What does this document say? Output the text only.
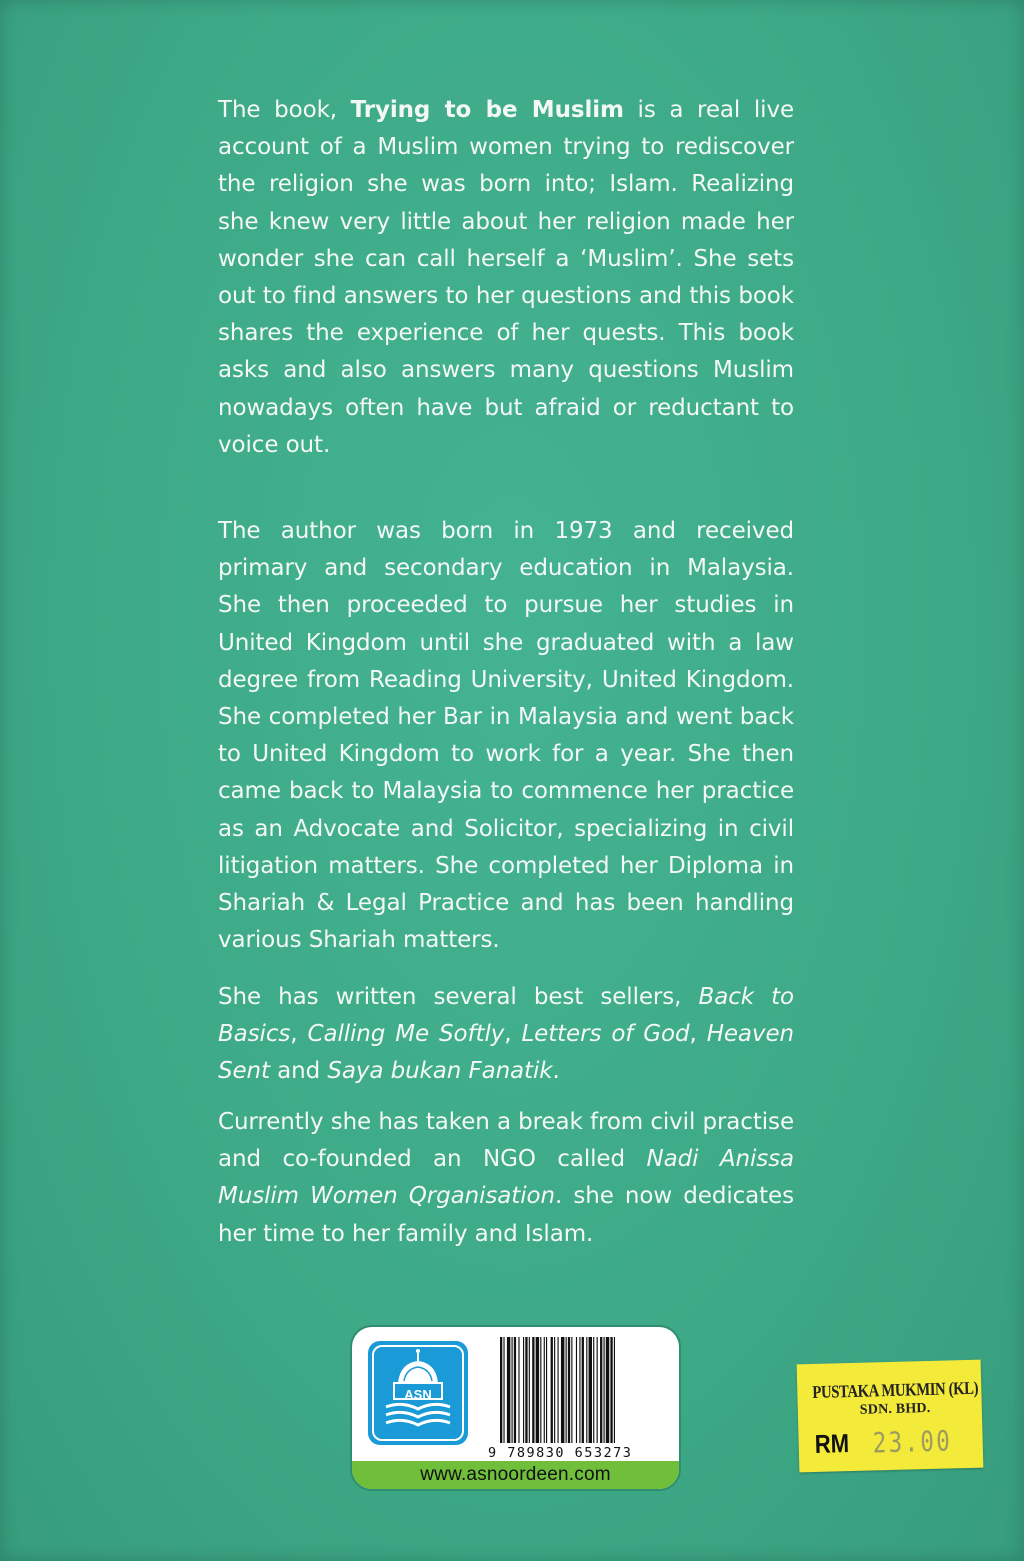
The book, Trying to be Muslim is a real live account of a Muslim women trying to rediscover the religion she was born into; Islam. Realizing she knew very little about her religion made her wonder she can call herself a ‘Muslim’. She sets out to find answers to her questions and this book shares the experience of her quests. This book asks and also answers many questions Muslim nowadays often have but afraid or reductant to voice out.

The author was born in 1973 and received primary and secondary education in Malaysia. She then proceeded to pursue her studies in United Kingdom until she graduated with a law degree from Reading University, United Kingdom. She completed her Bar in Malaysia and went back to United Kingdom to work for a year. She then came back to Malaysia to commence her practice as an Advocate and Solicitor, specializing in civil litigation matters. She completed her Diploma in Shariah & Legal Practice and has been handling various Shariah matters.

She has written several best sellers, Back to Basics, Calling Me Softly, Letters of God, Heaven Sent and Saya bukan Fanatik.

Currently she has taken a break from civil practise and co-founded an NGO called Nadi Anissa Muslim Women Qrganisation. she now dedicates her time to her family and Islam.

ASN
9 789830 653273
www.asnoordeen.com
PUSTAKA MUKMIN (KL)
SDN. BHD.
RM 23.00
